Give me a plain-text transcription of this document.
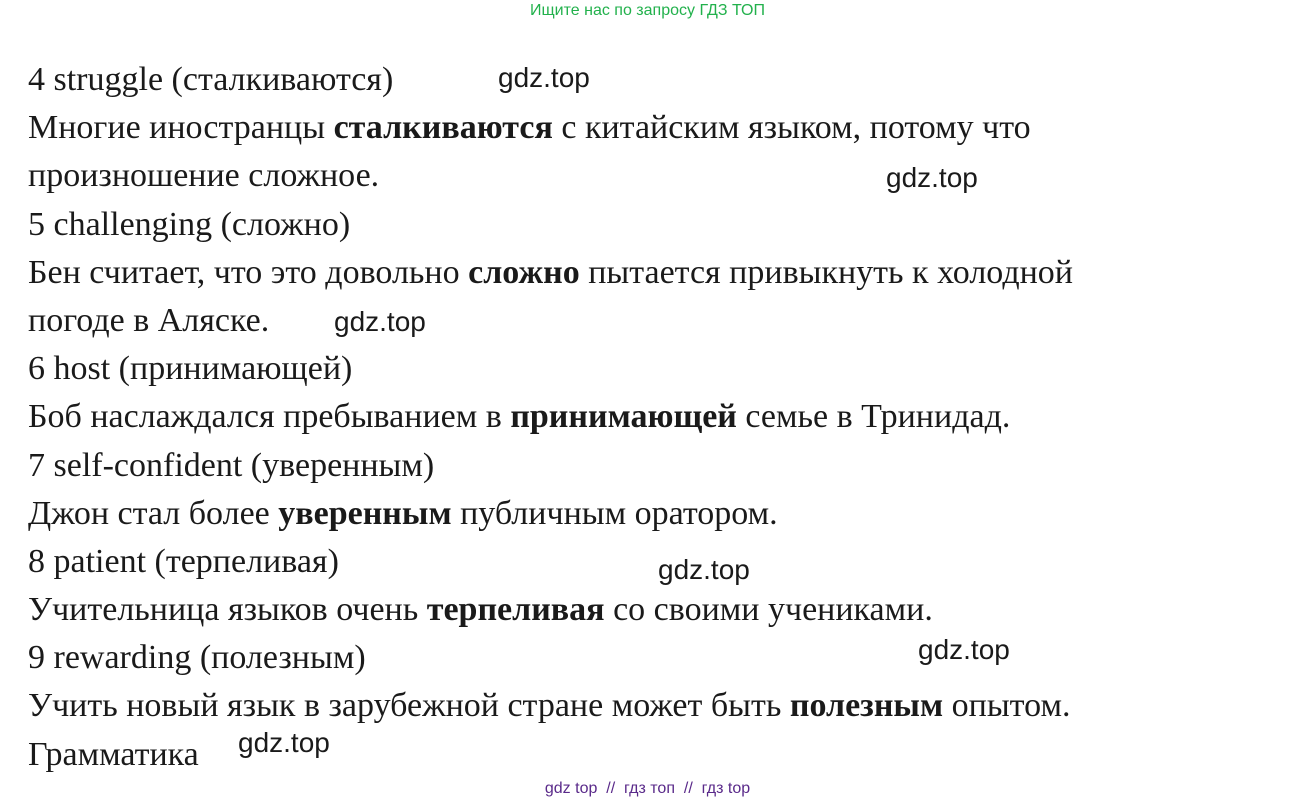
Ищите нас по запросу ГДЗ ТОП
4 struggle (сталкиваются)
Многие иностранцы сталкиваются с китайским языком, потому что
произношение сложное.
5 challenging (сложно)
Бен считает, что это довольно сложно пытается привыкнуть к холодной
погоде в Аляске.
6 host (принимающей)
Боб наслаждался пребыванием в принимающей семье в Тринидад.
7 self-confident (уверенным)
Джон стал более уверенным публичным оратором.
8 patient (терпеливая)
Учительница языков очень терпеливая со своими учениками.
9 rewarding (полезным)
Учить новый язык в зарубежной стране может быть полезным опытом.
Грамматика
gdz.top
gdz.top
gdz.top
gdz.top
gdz.top
gdz.top
gdz top  //  гдз топ  //  гдз top
